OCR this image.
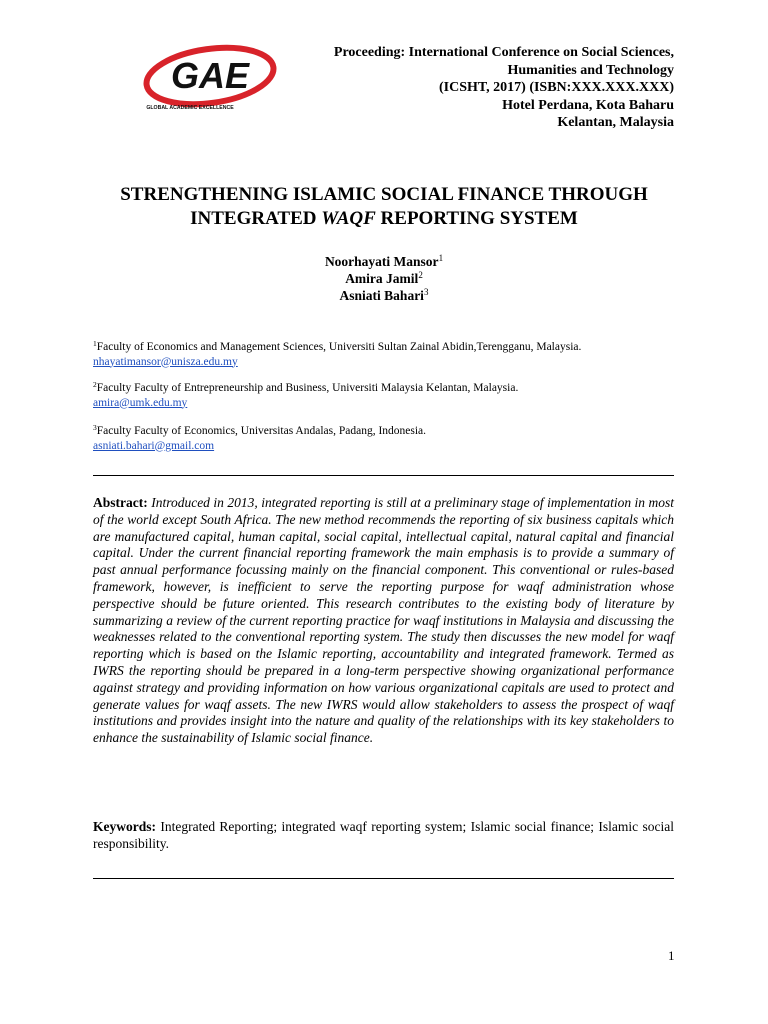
GAE
GLOBAL ACADEMIC EXCELLENCE
Proceeding: International Conference on Social Sciences,
Humanities and Technology
(ICSHT, 2017) (ISBN:XXX.XXX.XXX)
Hotel Perdana, Kota Baharu
Kelantan, Malaysia
STRENGTHENING ISLAMIC SOCIAL FINANCE THROUGH
INTEGRATED WAQF REPORTING SYSTEM
Noorhayati Mansor$^1$
Amira Jamil$^2$
Asniati Bahari$^3$
$^1$Faculty of Economics and Management Sciences, Universiti Sultan Zainal Abidin,Terengganu, Malaysia.
nhayatimansor@unisza.edu.my
$^2$Faculty Faculty of Entrepreneurship and Business, Universiti Malaysia Kelantan, Malaysia.
amira@umk.edu.my
$^3$Faculty Faculty of Economics, Universitas Andalas, Padang, Indonesia.
asniati.bahari@gmail.com
Abstract: Introduced in 2013, integrated reporting is still at a preliminary stage of implementation in most of the world except South Africa. The new method recommends the reporting of six business capitals which are manufactured capital, human capital, social capital, intellectual capital, natural capital and financial capital. Under the current financial reporting framework the main emphasis is to provide a summary of past annual performance focussing mainly on the financial component. This conventional or rules-based framework, however, is inefficient to serve the reporting purpose for waqf administration whose perspective should be future oriented. This research contributes to the existing body of literature by summarizing a review of the current reporting practice for waqf institutions in Malaysia and discussing the weaknesses related to the conventional reporting system. The study then discusses the new model for waqf reporting which is based on the Islamic reporting, accountability and integrated framework. Termed as IWRS the reporting should be prepared in a long-term perspective showing organizational performance against strategy and providing information on how various organizational capitals are used to protect and generate values for waqf assets. The new IWRS would allow stakeholders to assess the prospect of waqf institutions and provides insight into the nature and quality of the relationships with its key stakeholders to enhance the sustainability of Islamic social finance.
Keywords: Integrated Reporting; integrated waqf reporting system; Islamic social finance; Islamic social responsibility.
1
